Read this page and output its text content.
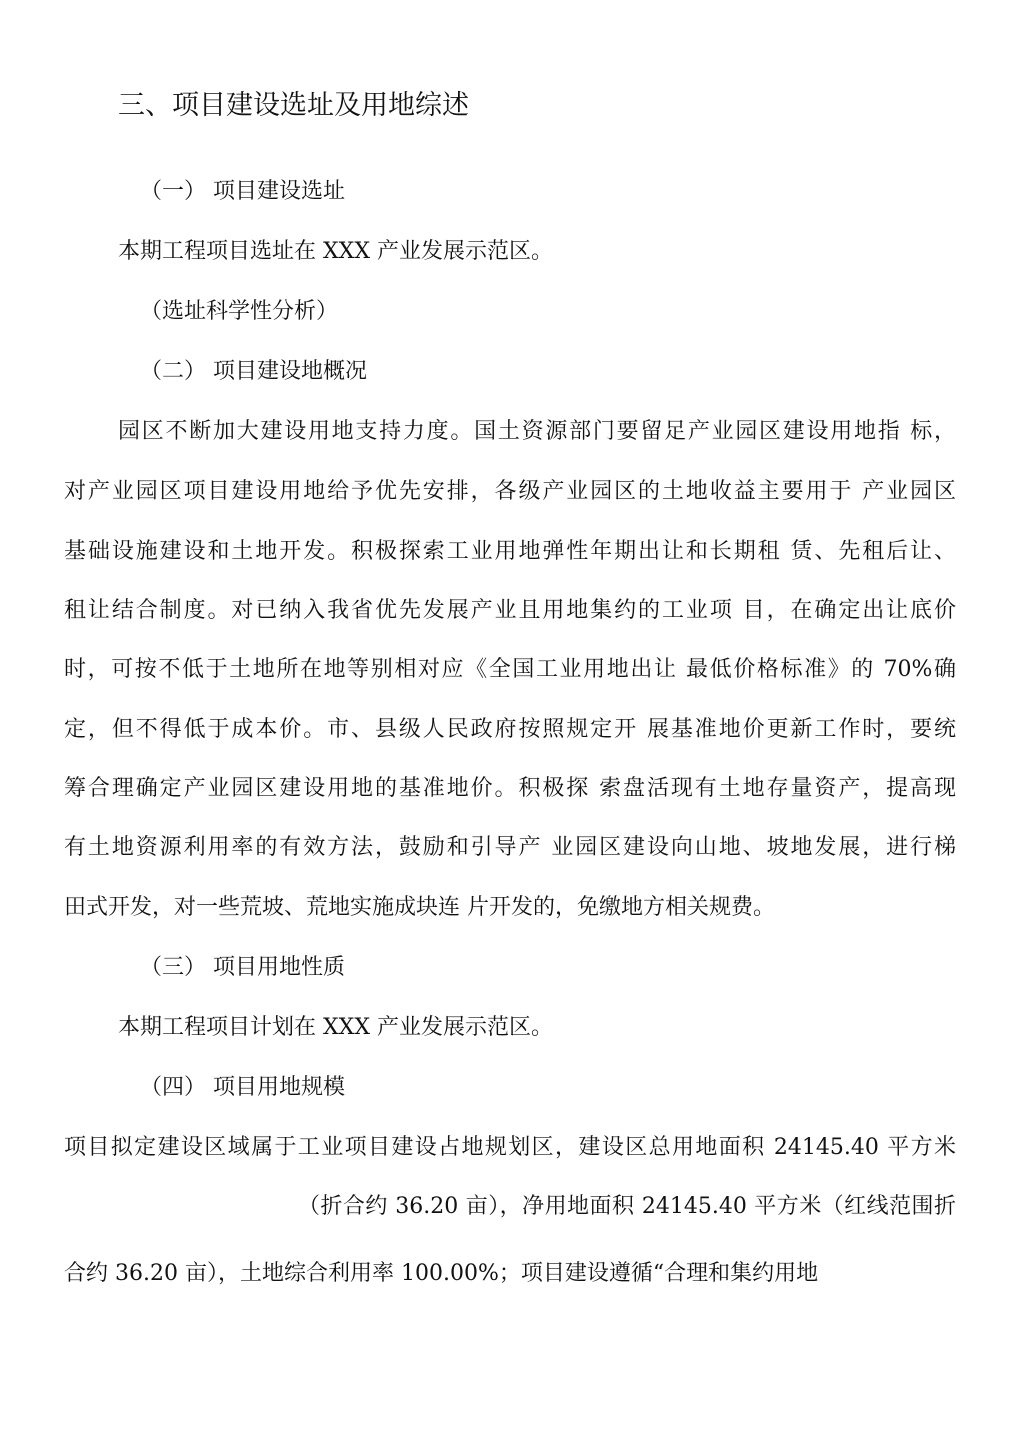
三、项目建设选址及用地综述
（一） 项目建设选址
本期工程项目选址在 XXX 产业发展示范区。
（选址科学性分析）
（二） 项目建设地概况
园区不断加大建设用地支持力度。国土资源部门要留足产业园区建设用地指 标，
对产业园区项目建设用地给予优先安排，各级产业园区的土地收益主要用于 产业园区
基础设施建设和土地开发。积极探索工业用地弹性年期出让和长期租 赁、先租后让、
租让结合制度。对已纳入我省优先发展产业且用地集约的工业项 目，在确定出让底价
时，可按不低于土地所在地等别相对应《全国工业用地出让 最低价格标准》的 70%确
定，但不得低于成本价。市、县级人民政府按照规定开 展基准地价更新工作时，要统
筹合理确定产业园区建设用地的基准地价。积极探 索盘活现有土地存量资产，提高现
有土地资源利用率的有效方法，鼓励和引导产 业园区建设向山地、坡地发展，进行梯
田式开发，对一些荒坡、荒地实施成块连 片开发的，免缴地方相关规费。
（三） 项目用地性质
本期工程项目计划在 XXX 产业发展示范区。
（四） 项目用地规模
项目拟定建设区域属于工业项目建设占地规划区，建设区总用地面积 24145.40 平方米
（折合约 36.20 亩），净用地面积 24145.40 平方米（红线范围折
合约 36.20 亩），土地综合利用率 100.00%；项目建设遵循“合理和集约用地
